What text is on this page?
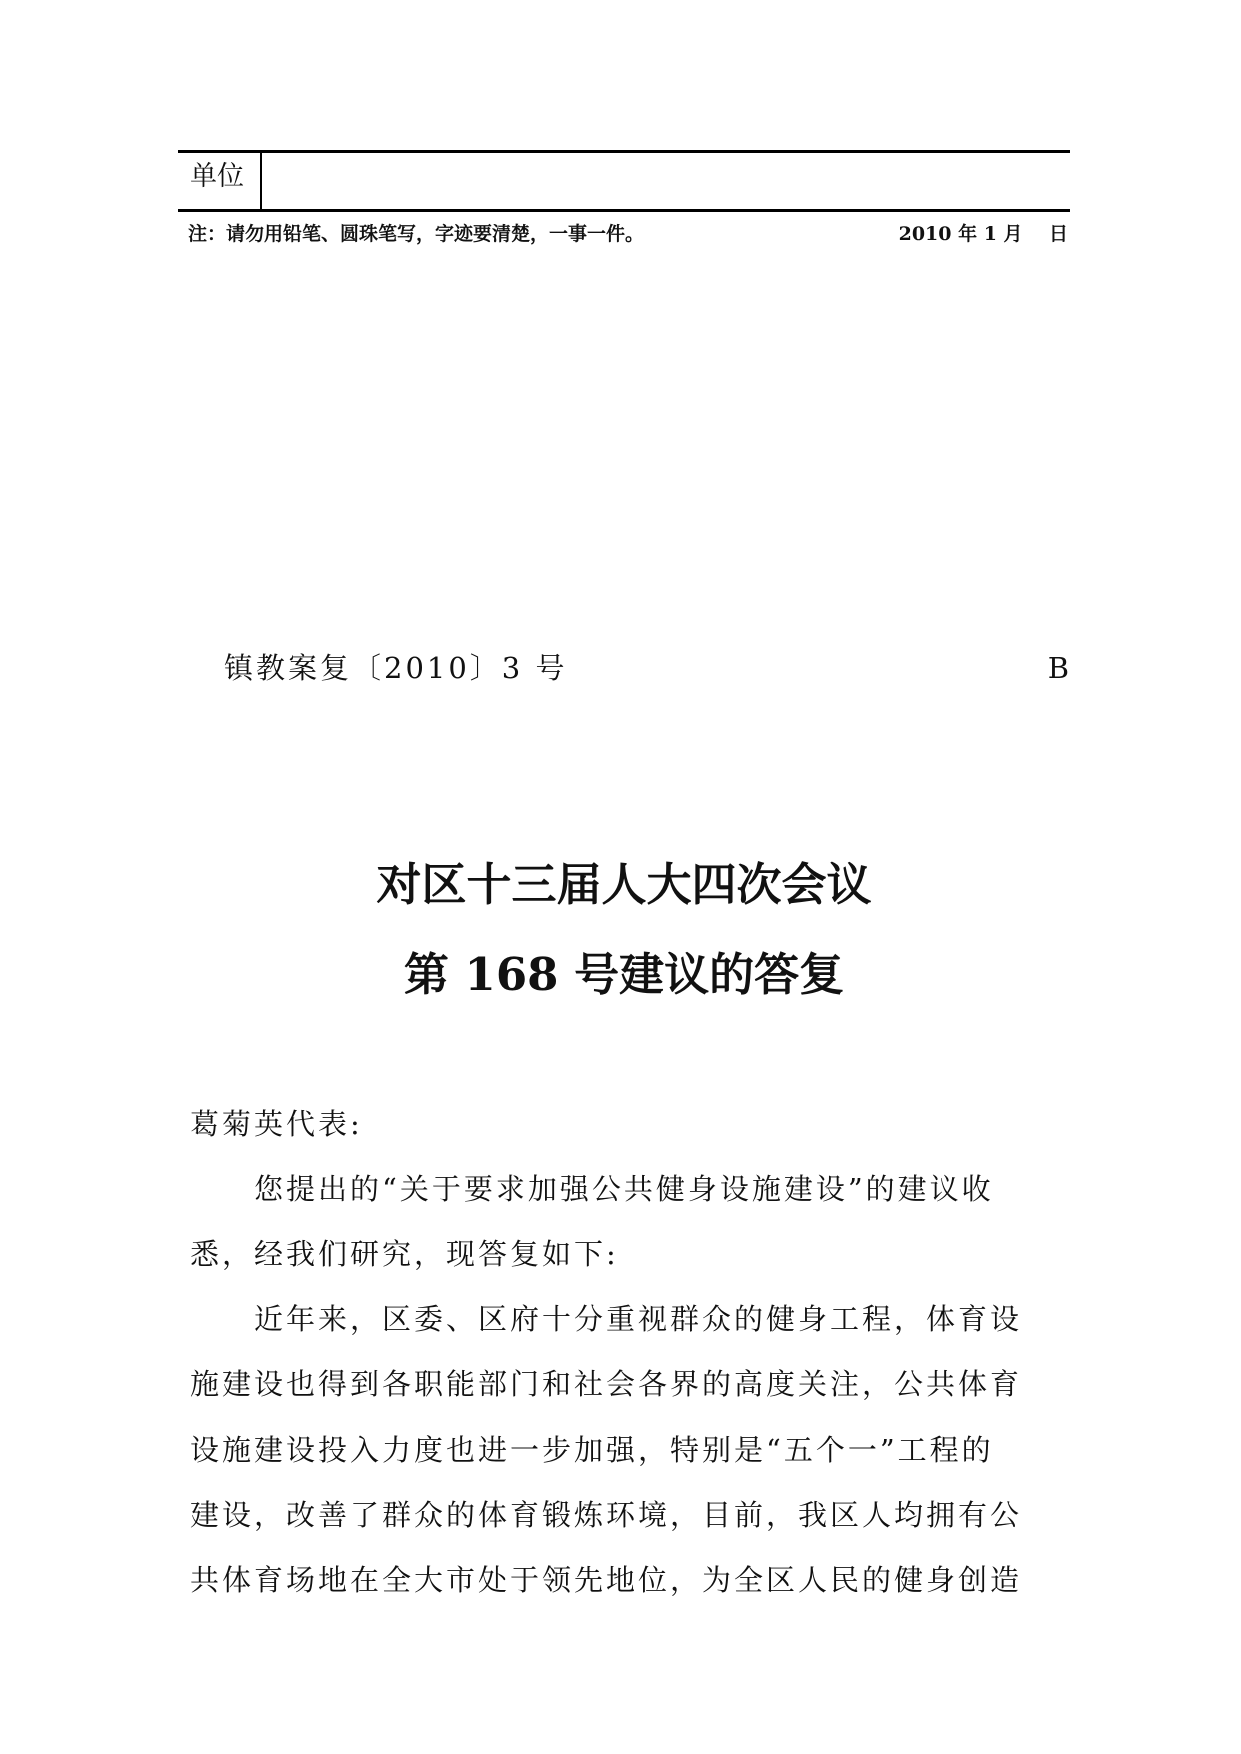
单位
注：请勿用铅笔、圆珠笔写，字迹要清楚，一事一件。	2010 年 1 月    日
镇教案复〔2010〕3 号	B
对区十三届人大四次会议
第 168 号建议的答复
葛菊英代表:
您提出的“关于要求加强公共健身设施建设”的建议收
悉，经我们研究，现答复如下:
近年来，区委、区府十分重视群众的健身工程，体育设
施建设也得到各职能部门和社会各界的高度关注，公共体育
设施建设投入力度也进一步加强，特别是“五个一”工程的
建设，改善了群众的体育锻炼环境，目前，我区人均拥有公
共体育场地在全大市处于领先地位，为全区人民的健身创造
